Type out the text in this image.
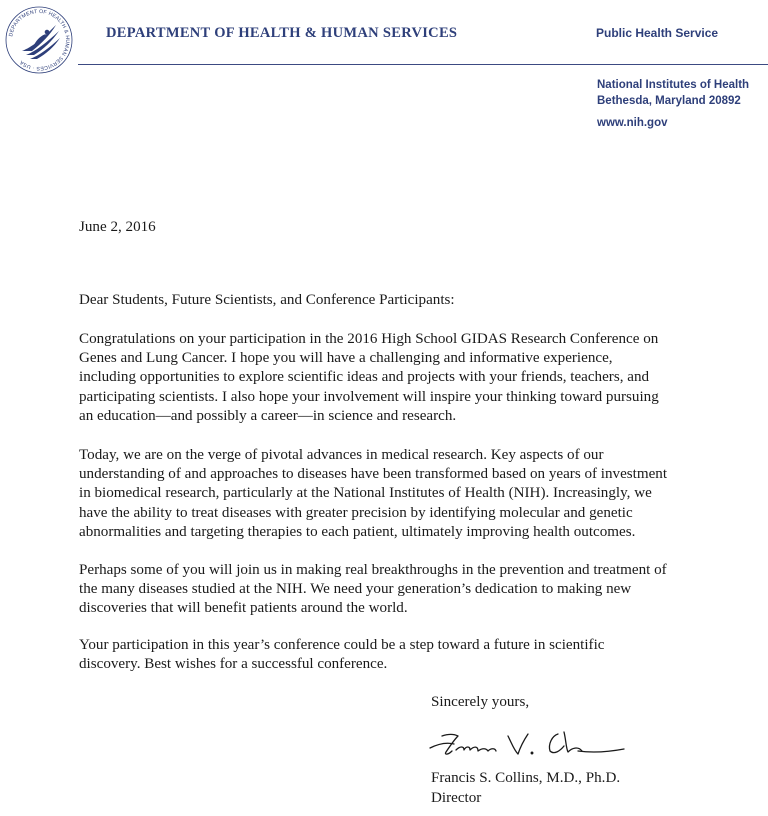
DEPARTMENT OF HEALTH & HUMAN SERVICES · USA
DEPARTMENT OF HEALTH & HUMAN SERVICES	Public Health Service
National Institutes of Health
Bethesda, Maryland 20892
www.nih.gov
June 2, 2016
Dear Students, Future Scientists, and Conference Participants:
Congratulations on your participation in the 2016 High School GIDAS Research Conference on
Genes and Lung Cancer. I hope you will have a challenging and informative experience,
including opportunities to explore scientific ideas and projects with your friends, teachers, and
participating scientists. I also hope your involvement will inspire your thinking toward pursuing
an education—and possibly a career—in science and research.
Today, we are on the verge of pivotal advances in medical research. Key aspects of our
understanding of and approaches to diseases have been transformed based on years of investment
in biomedical research, particularly at the National Institutes of Health (NIH). Increasingly, we
have the ability to treat diseases with greater precision by identifying molecular and genetic
abnormalities and targeting therapies to each patient, ultimately improving health outcomes.
Perhaps some of you will join us in making real breakthroughs in the prevention and treatment of
the many diseases studied at the NIH. We need your generation’s dedication to making new
discoveries that will benefit patients around the world.
Your participation in this year’s conference could be a step toward a future in scientific
discovery. Best wishes for a successful conference.
Sincerely yours,
Francis S. Collins, M.D., Ph.D.
Director
